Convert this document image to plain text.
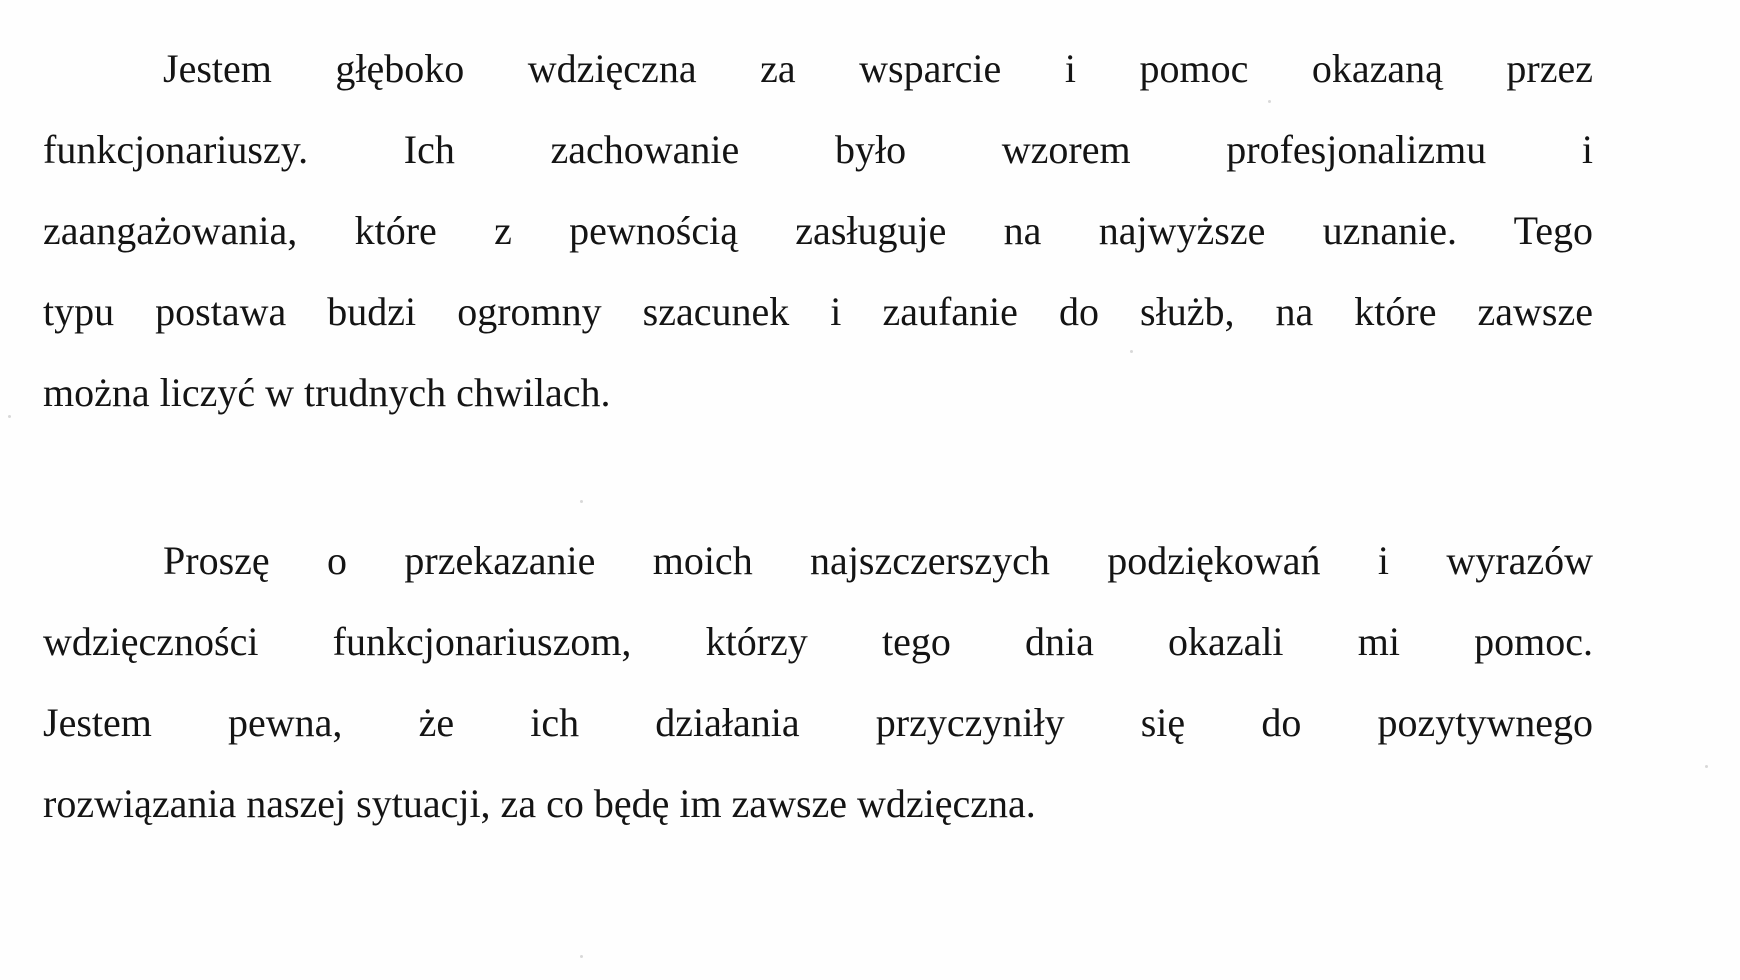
Jestem głęboko wdzięczna za wsparcie i pomoc okazaną przez
funkcjonariuszy. Ich zachowanie było wzorem profesjonalizmu i
zaangażowania, które z pewnością zasługuje na najwyższe uznanie. Tego
typu postawa budzi ogromny szacunek i zaufanie do służb, na które zawsze
można liczyć w trudnych chwilach.
Proszę o przekazanie moich najszczerszych podziękowań i wyrazów
wdzięczności funkcjonariuszom, którzy tego dnia okazali mi pomoc.
Jestem pewna, że ich działania przyczyniły się do pozytywnego
rozwiązania naszej sytuacji, za co będę im zawsze wdzięczna.
